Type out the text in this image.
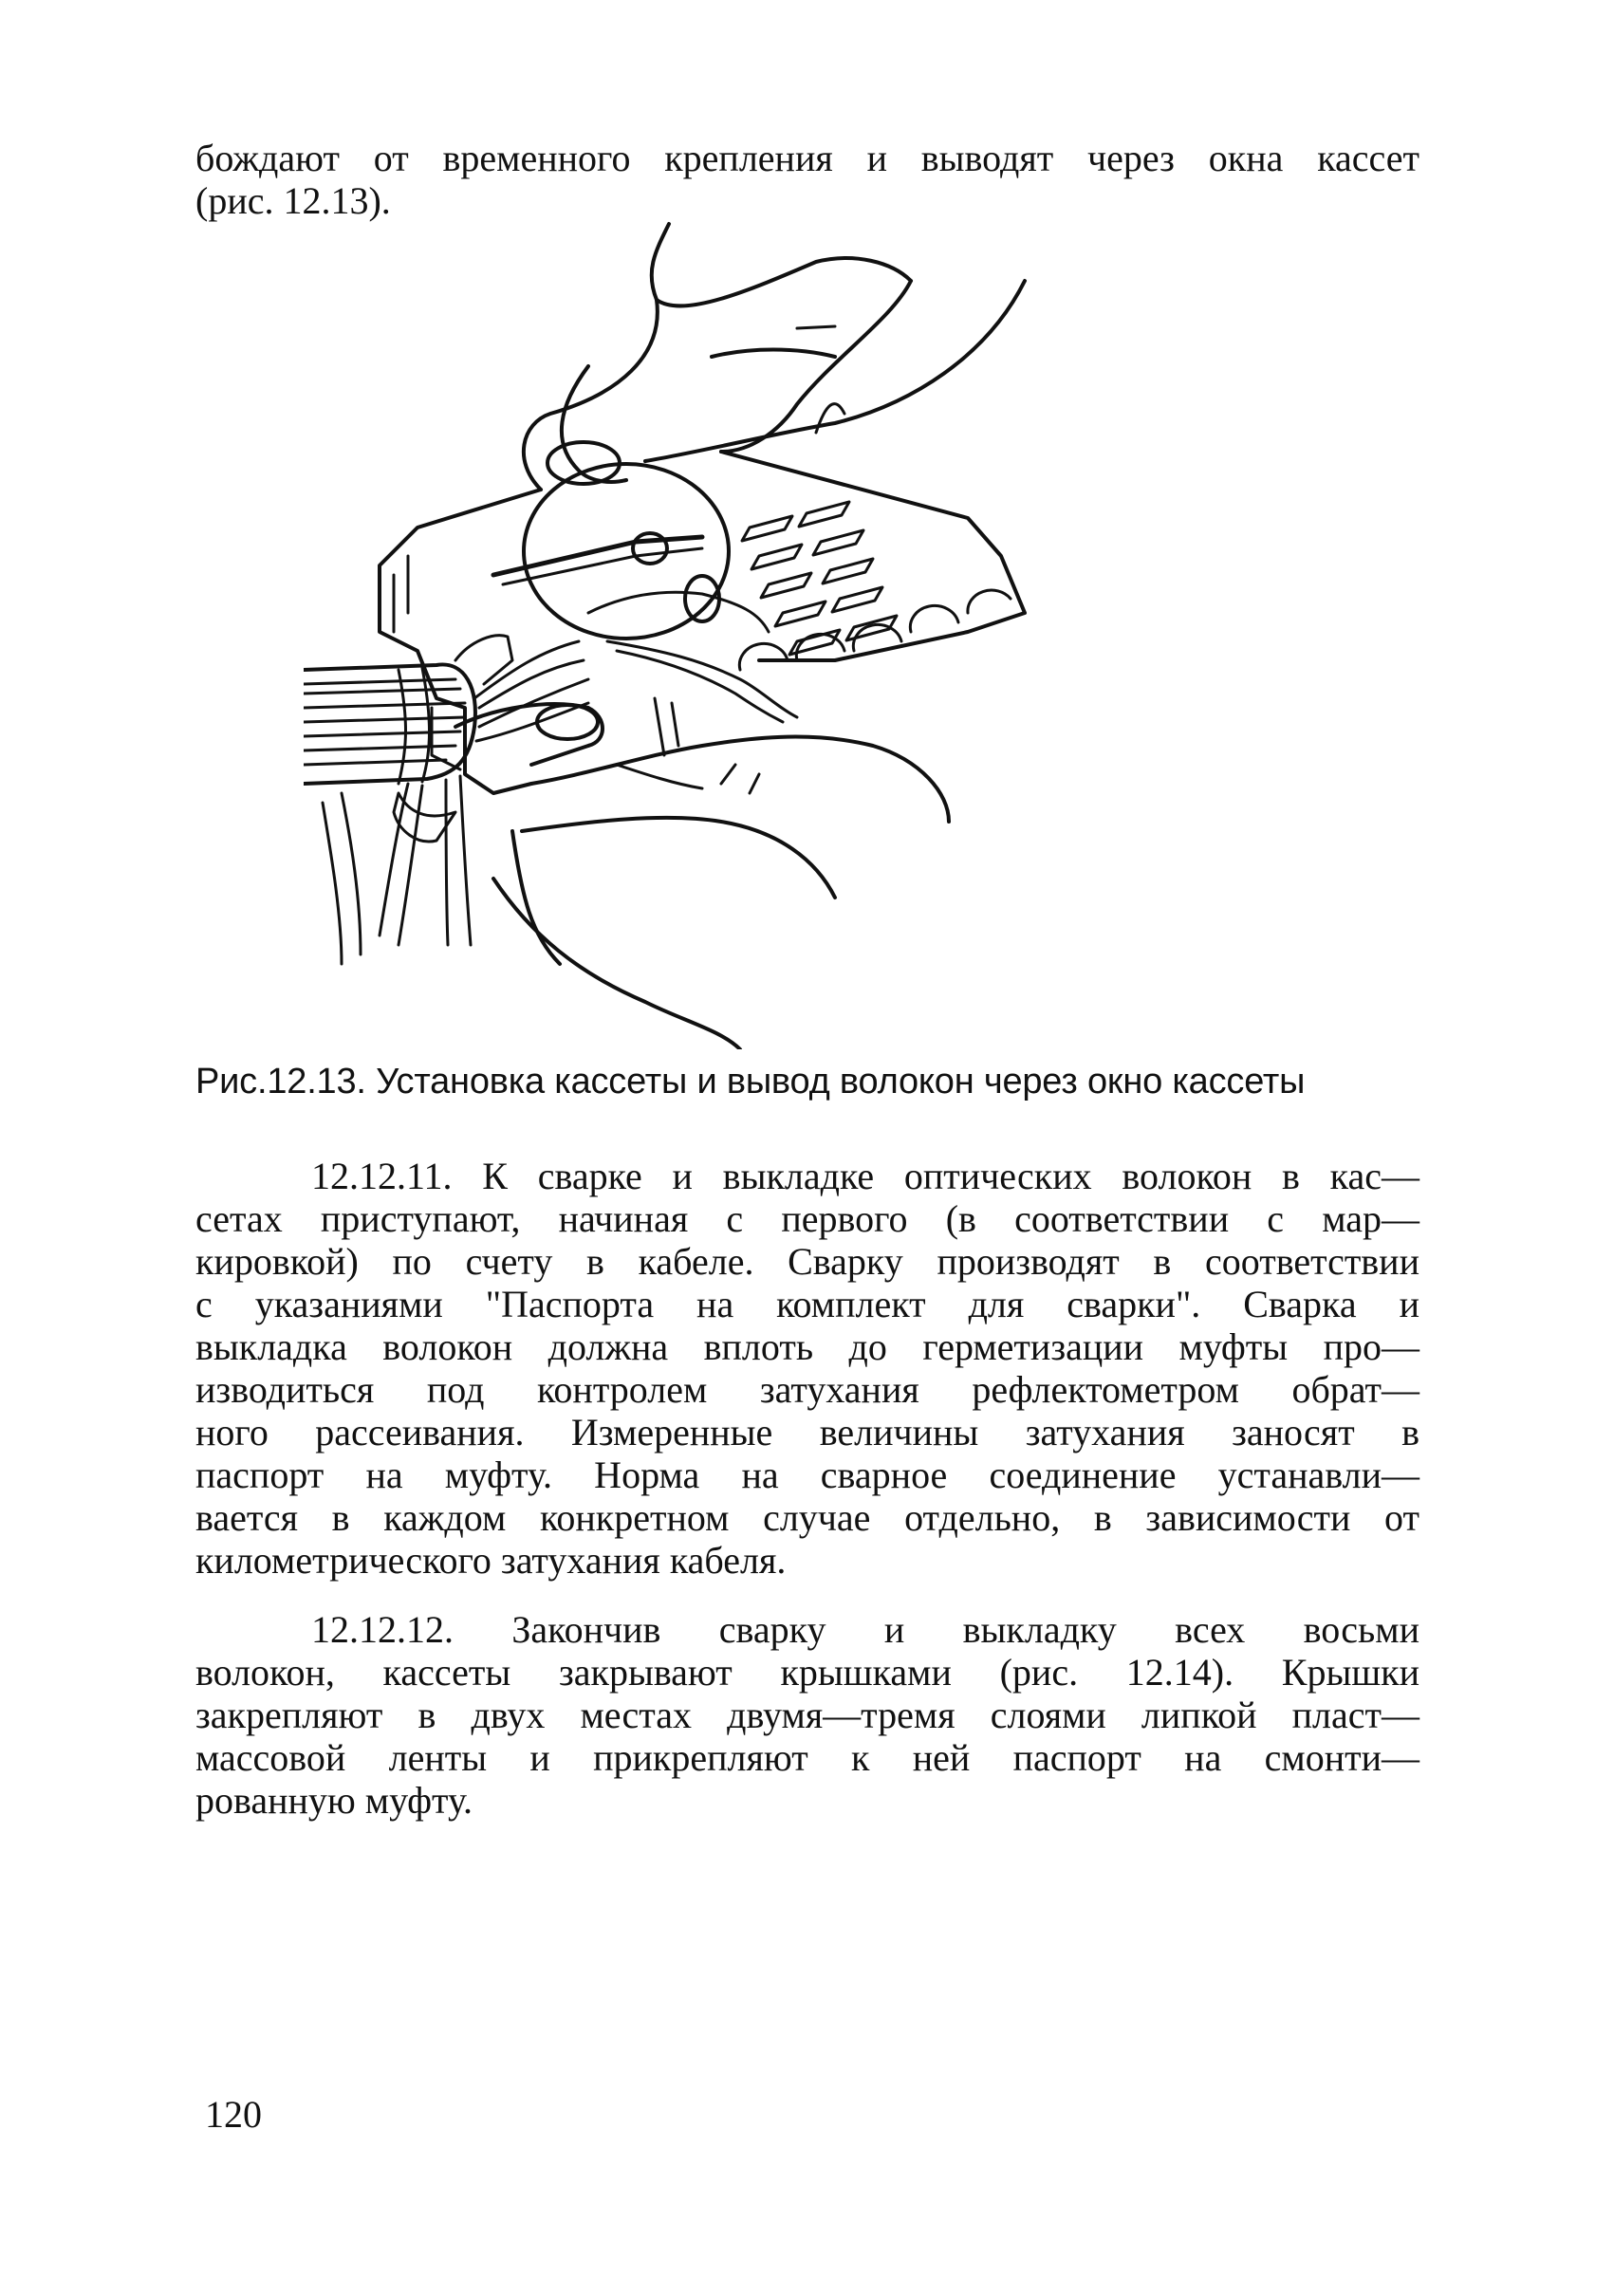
бождают от временного крепления и выводят через окна кассет
(рис. 12.13).
Рис.12.13. Установка кассеты и вывод волокон через окно кассеты
12.12.11. К сварке и выкладке оптических волокон в кас—
сетах приступают, начиная с первого (в соответствии с мар—
кировкой) по счету в кабеле. Сварку производят в соответствии
с указаниями "Паспорта на комплект для сварки". Сварка и
выкладка волокон должна вплоть до герметизации муфты про—
изводиться под контролем затухания рефлектометром обрат—
ного рассеивания. Измеренные величины затухания заносят в
паспорт на муфту. Норма на сварное соединение устанавли—
вается в каждом конкретном случае отдельно, в зависимости от
километрического затухания кабеля.
12.12.12. Закончив сварку и выкладку всех восьми
волокон, кассеты закрывают крышками (рис. 12.14). Крышки
закрепляют в двух местах двумя—тремя слоями липкой пласт—
массовой ленты и прикрепляют к ней паспорт на смонти—
рованную муфту.
120
